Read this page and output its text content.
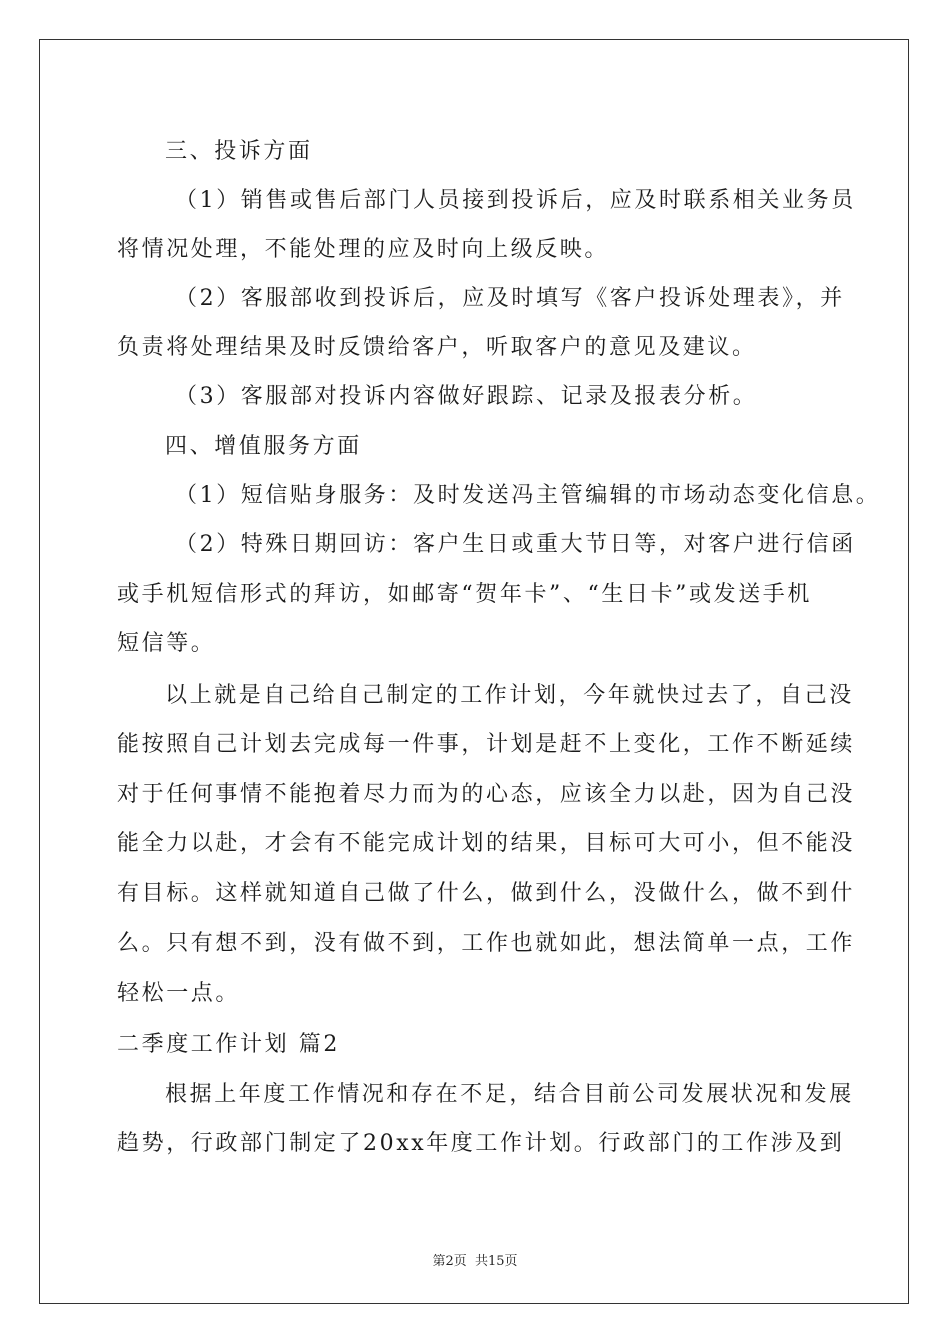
三、投诉方面
（1）销售或售后部门人员接到投诉后，应及时联系相关业务员
将情况处理，不能处理的应及时向上级反映。
（2）客服部收到投诉后，应及时填写《客户投诉处理表》，并
负责将处理结果及时反馈给客户，听取客户的意见及建议。
（3）客服部对投诉内容做好跟踪、记录及报表分析。
四、增值服务方面
（1）短信贴身服务：及时发送冯主管编辑的市场动态变化信息。
（2）特殊日期回访：客户生日或重大节日等，对客户进行信函
或手机短信形式的拜访，如邮寄“贺年卡”、“生日卡”或发送手机
短信等。
以上就是自己给自己制定的工作计划，今年就快过去了，自己没
能按照自己计划去完成每一件事，计划是赶不上变化，工作不断延续
对于任何事情不能抱着尽力而为的心态，应该全力以赴，因为自己没
能全力以赴，才会有不能完成计划的结果，目标可大可小，但不能没
有目标。这样就知道自己做了什么，做到什么，没做什么，做不到什
么。只有想不到，没有做不到，工作也就如此，想法简单一点，工作
轻松一点。
二季度工作计划 篇2
根据上年度工作情况和存在不足，结合目前公司发展状况和发展
趋势，行政部门制定了20xx年度工作计划。行政部门的工作涉及到
第2页 共15页
